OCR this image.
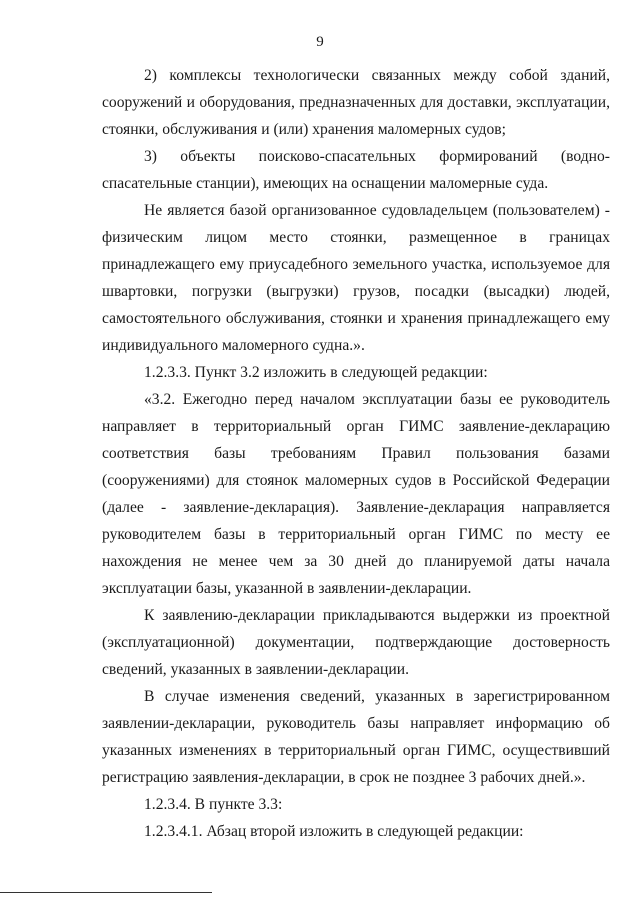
9

2) комплексы технологически связанных между собой зданий, сооружений и оборудования, предназначенных для доставки, эксплуатации, стоянки, обслуживания и (или) хранения маломерных судов;

3) объекты поисково-спасательных формирований (водно-спасательные станции), имеющих на оснащении маломерные суда.

Не является базой организованное судовладельцем (пользователем) - физическим лицом место стоянки, размещенное в границах принадлежащего ему приусадебного земельного участка, используемое для швартовки, погрузки (выгрузки) грузов, посадки (высадки) людей, самостоятельного обслуживания, стоянки и хранения принадлежащего ему индивидуального маломерного судна.».

1.2.3.3. Пункт 3.2 изложить в следующей редакции:

«3.2. Ежегодно перед началом эксплуатации базы ее руководитель направляет в территориальный орган ГИМС заявление-декларацию соответствия базы требованиям Правил пользования базами (сооружениями) для стоянок маломерных судов в Российской Федерации (далее - заявление-декларация). Заявление-декларация направляется руководителем базы в территориальный орган ГИМС по месту ее нахождения не менее чем за 30 дней до планируемой даты начала эксплуатации базы, указанной в заявлении-декларации.

К заявлению-декларации прикладываются выдержки из проектной (эксплуатационной) документации, подтверждающие достоверность сведений, указанных в заявлении-декларации.

В случае изменения сведений, указанных в зарегистрированном заявлении-декларации, руководитель базы направляет информацию об указанных изменениях в территориальный орган ГИМС, осуществивший регистрацию заявления-декларации, в срок не позднее 3 рабочих дней.».

1.2.3.4. В пункте 3.3:

1.2.3.4.1. Абзац второй изложить в следующей редакции:
